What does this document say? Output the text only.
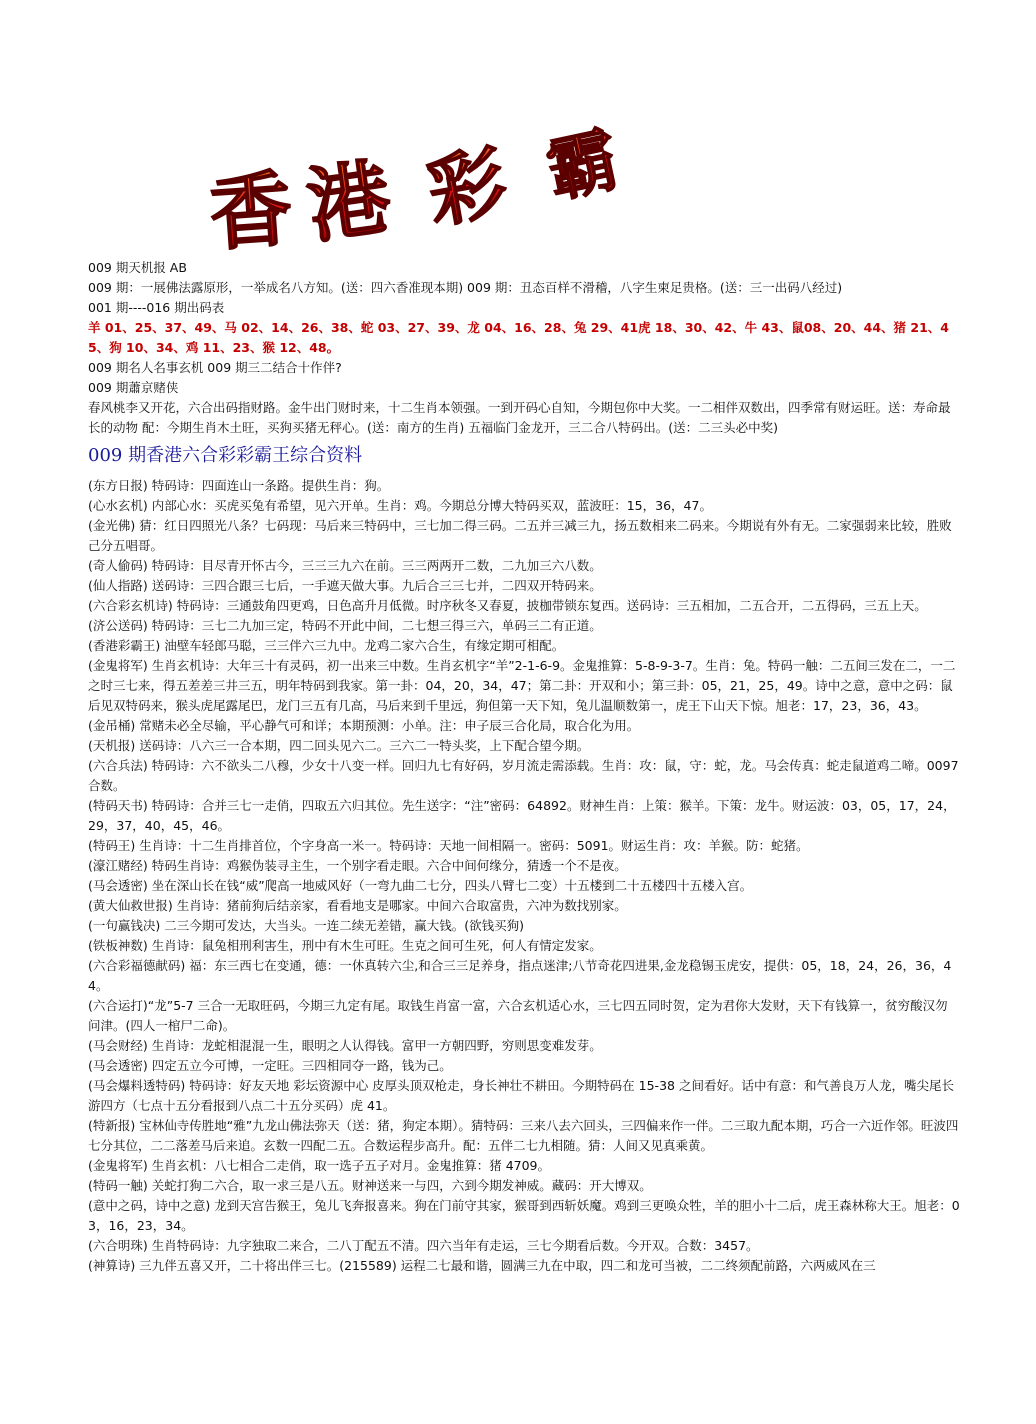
香 港 彩 霸

009 期天机报 AB

009 期：一展佛法露原形，一举成名八方知。(送：四六香准现本期) 009 期：丑态百样不滑稽，八字生柬足贵格。(送：三一出码八经过)

001 期----016 期出码表

羊 01、25、37、49、马 02、14、26、38、蛇 03、27、39、龙 04、16、28、兔 29、41虎 18、30、42、牛 43、鼠08、20、44、猪 21、45、狗 10、34、鸡 11、23、猴 12、48。

009 期名人名事玄机 009 期三二结合十作伴?

009 期蕭京赌侠

春风桃李又开花，六合出码指财路。金牛出门财时来，十二生肖本领强。一到开码心自知，今期包你中大奖。一二相伴双数出，四季常有财运旺。送：寿命最长的动物 配：今期生肖木土旺，买狗买猪无秤心。(送：南方的生肖) 五福临门金龙开，三二合八特码出。(送：二三头必中奖)

009 期香港六合彩彩霸王综合资料

(东方日报) 特码诗：四面连山一条路。提供生肖：狗。

(心水玄机) 内部心水：买虎买兔有希望，见六开单。生肖：鸡。今期总分博大特码买双，蓝波旺：15，36，47。

(金光佛) 猜：红日四照光八条？七码现：马后来三特码中，三七加二得三码。二五并三减三九，扬五数相来二码来。今期说有外有无。二家强弱来比较，胜败己分五唱哥。

(奇人偷码) 特码诗：目尽青开怀古今，三三三九六在前。三三两两开二数，二九加三六八数。

(仙人指路) 送码诗：三四合跟三七后，一手遮天做大事。九后合三三七并，二四双开特码来。

(六合彩玄机诗) 特码诗：三通鼓角四更鸡，日色高升月低微。时序秋冬又春夏，披枷带锁东复西。送码诗：三五相加，二五合开，二五得码，三五上天。

(济公送码) 特码诗：三七二九加三定，特码不开此中间，二七想三得三六，单码三二有正道。

(香港彩霸王) 油壁车轻郎马聪，三三伴六三九中。龙鸡二家六合生，有缘定期可相配。

(金鬼将军) 生肖玄机诗：大年三十有灵码，初一出来三中数。生肖玄机字“羊”2-1-6-9。金鬼推算：5-8-9-3-7。生肖：兔。特码一触：二五间三发在二，一二之时三七来，得五差差三井三五，明年特码到我家。第一卦：04，20，34，47；第二卦：开双和小；第三卦：05，21，25，49。诗中之意，意中之码：鼠后见双特码来，猴头虎尾露尾巴，龙门三五有几高，马后来到千里远，狗但第一天下知，兔儿温顺数第一，虎王下山天下惊。旭老：17，23，36，43。

(金吊桶) 常赌未必全尽输，平心静气可和详；本期预测：小单。注：申子辰三合化局，取合化为用。

(天机报) 送码诗：八六三一合本期，四二回头见六二。三六二一特头奖，上下配合望今期。

(六合兵法) 特码诗：六不欲头二八穆，少女十八变一样。回归九七有好码，岁月流走需添载。生肖：攻：鼠，守：蛇，龙。马会传真：蛇走鼠道鸡二啼。0097 合数。

(特码天书) 特码诗：合并三七一走俏，四取五六归其位。先生送字：“注”密码：64892。财神生肖：上策：猴羊。下策：龙牛。财运波：03，05，17，24，29，37，40，45，46。

(特码王) 生肖诗：十二生肖排首位，个字身高一米一。特码诗：天地一间相隔一。密码：5091。财运生肖：攻：羊猴。防：蛇猪。

(濠江赌经) 特码生肖诗：鸡猴伪装寻主生，一个别字看走眼。六合中间何缘分，猜透一个不是夜。

(马会透密) 坐在深山长在钱“威”爬高一地威风好（一弯九曲二七分，四头八臂七二变）十五楼到二十五楼四十五楼入宫。

(黄大仙救世报) 生肖诗：猪前狗后结亲家，看看地支是哪家。中间六合取富贵，六冲为数找别家。

(一句赢钱决) 二三今期可发达，大当头。一连二续无差错，赢大钱。(欲钱买狗)

(铁板神数) 生肖诗：鼠兔相刑利害生，刑中有木生可旺。生克之间可生死，何人有情定发家。

(六合彩福德献码) 福：东三西七在变通，德：一休真转六尘,和合三三足养身，指点迷津;八节奇花四进果,金龙稳锡玉虎安，提供：05，18，24，26，36，44。

(六合运打)“龙”5-7 三合一无取旺码，今期三九定有尾。取钱生肖富一富，六合玄机适心水，三七四五同时贺，定为君你大发财，天下有钱算一，贫穷酸汉勿问津。(四人一棺尸二命)。

(马会财经) 生肖诗：龙蛇相混混一生，眼明之人认得钱。富甲一方朝四野，穷则思变难发芽。

(马会透密) 四定五立今可博，一定旺。三四相同夺一路，钱为己。

(马会爆料透特码) 特码诗：好友天地 彩坛资源中心 皮厚头顶双枪走，身长神壮不耕田。今期特码在 15-38 之间看好。话中有意：和气善良万人龙，嘴尖尾长游四方（七点十五分看报到八点二十五分买码）虎 41。

(特新报) 宝林仙寺传胜地“雅”九龙山佛法弥天（送：猪，狗定本期）。猜特码：三来八去六回头，三四偏来作一伴。二三取九配本期，巧合一六近作邻。旺波四七分其位，二二落差马后来追。玄数一四配二五。合数运程步高升。配：五伴二七九相随。猜：人间又见真乘黄。

(金鬼将军) 生肖玄机：八七相合二走俏，取一选子五子对月。金鬼推算：猪 4709。

(特码一触) 关蛇打狗二六合，取一求三是八五。财神送来一与四，六到今期发神威。藏码：开大博双。

(意中之码，诗中之意) 龙到天宫告猴王，兔儿飞奔报喜来。狗在门前守其家，猴哥到西斩妖魔。鸡到三更唤众牲，羊的胆小十二后，虎王森林称大王。旭老：03，16，23，34。

(六合明珠) 生肖特码诗：九字独取二来合，二八丁配五不清。四六当年有走运，三七今期看后数。今开双。合数：3457。

(神算诗) 三九伴五喜又开，二十将出伴三七。(215589) 运程二七最和谐，圆满三九在中取，四二和龙可当被，二二终须配前路，六两威风在三
